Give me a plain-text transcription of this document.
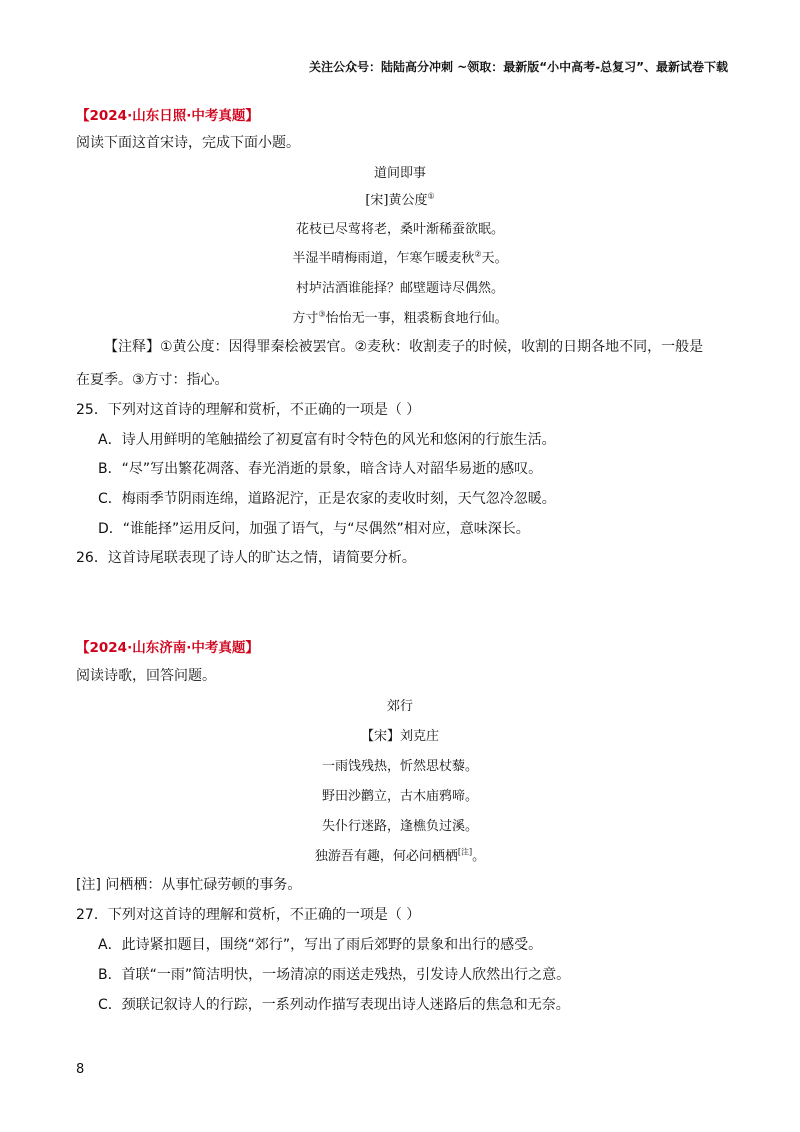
关注公众号：陆陆高分冲刺 ~领取：最新版“小中高考-总复习”、最新试卷下载
【2024·山东日照·中考真题】
阅读下面这首宋诗，完成下面小题。
道间即事
[宋]黄公度①
花枝已尽莺将老，桑叶渐稀蚕欲眠。
半湿半晴梅雨道，乍寒乍暖麦秋②天。
村垆沽酒谁能择？邮壁题诗尽偶然。
方寸③怡怡无一事，粗裘粝食地行仙。
【注释】①黄公度：因得罪秦桧被罢官。②麦秋：收割麦子的时候，收割的日期各地不同，一般是
在夏季。③方寸：指心。
25．下列对这首诗的理解和赏析，不正确的一项是（ ）
A．诗人用鲜明的笔触描绘了初夏富有时令特色的风光和悠闲的行旅生活。
B．“尽”写出繁花凋落、春光消逝的景象，暗含诗人对韶华易逝的感叹。
C．梅雨季节阴雨连绵，道路泥泞，正是农家的麦收时刻，天气忽冷忽暖。
D．“谁能择”运用反问，加强了语气，与“尽偶然”相对应，意味深长。
26．这首诗尾联表现了诗人的旷达之情，请简要分析。
【2024·山东济南·中考真题】
阅读诗歌，回答问题。
郊行
【宋】刘克庄
一雨饯残热，忻然思杖藜。
野田沙鹳立，古木庙鸦啼。
失仆行迷路，逢樵负过溪。
独游吾有趣，何必问栖栖[注]。
[注] 问栖栖：从事忙碌劳顿的事务。
27．下列对这首诗的理解和赏析，不正确的一项是（ ）
A．此诗紧扣题目，围绕“郊行”，写出了雨后郊野的景象和出行的感受。
B．首联“一雨”简洁明快，一场清凉的雨送走残热，引发诗人欣然出行之意。
C．颈联记叙诗人的行踪，一系列动作描写表现出诗人迷路后的焦急和无奈。
8
